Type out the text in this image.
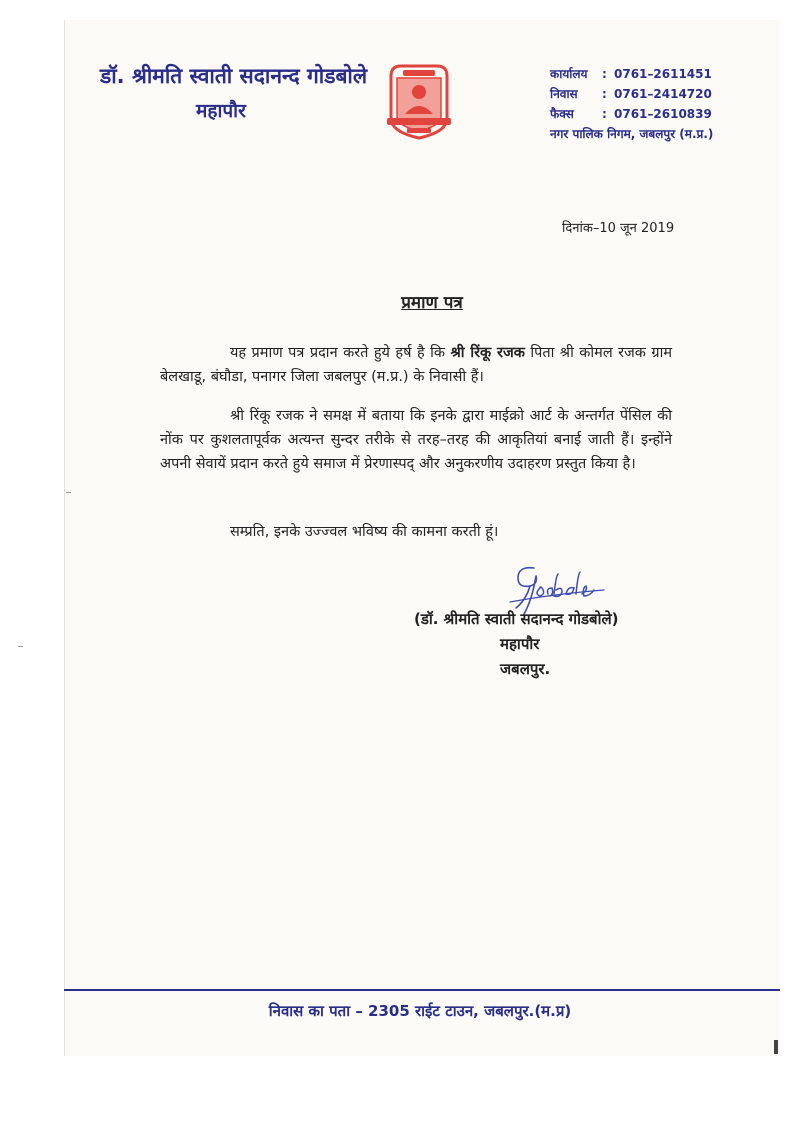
डॉ. श्रीमति स्वाती सदानन्द गोडबोले
महापौर
कार्यालय : 0761–2611451
निवास : 0761–2414720
फैक्स : 0761–2610839
नगर पालिक निगम, जबलपुर (म.प्र.)
दिनांक–10 जून 2019
प्रमाण पत्र
यह प्रमाण पत्र प्रदान करते हुये हर्ष है कि श्री रिंकू रजक पिता श्री कोमल रजक ग्राम बेलखाडू, बंघौडा, पनागर जिला जबलपुर (म.प्र.) के निवासी हैं।
श्री रिंकू रजक ने समक्ष में बताया कि इनके द्वारा माईक्रो आर्ट के अन्तर्गत पेंसिल की नोंक पर कुशलतापूर्वक अत्यन्त सुन्दर तरीके से तरह–तरह की आकृतियां बनाई जाती हैं। इन्होंने अपनी सेवायें प्रदान करते हुये समाज में प्रेरणास्पद् और अनुकरणीय उदाहरण प्रस्तुत किया है।
सम्प्रति, इनके उज्ज्वल भविष्य की कामना करती हूं।
(डॉ. श्रीमति स्वाती सदानन्द गोडबोले)
महापौर
जबलपुर.
निवास का पता – 2305 राईट टाउन, जबलपुर.(म.प्र)
